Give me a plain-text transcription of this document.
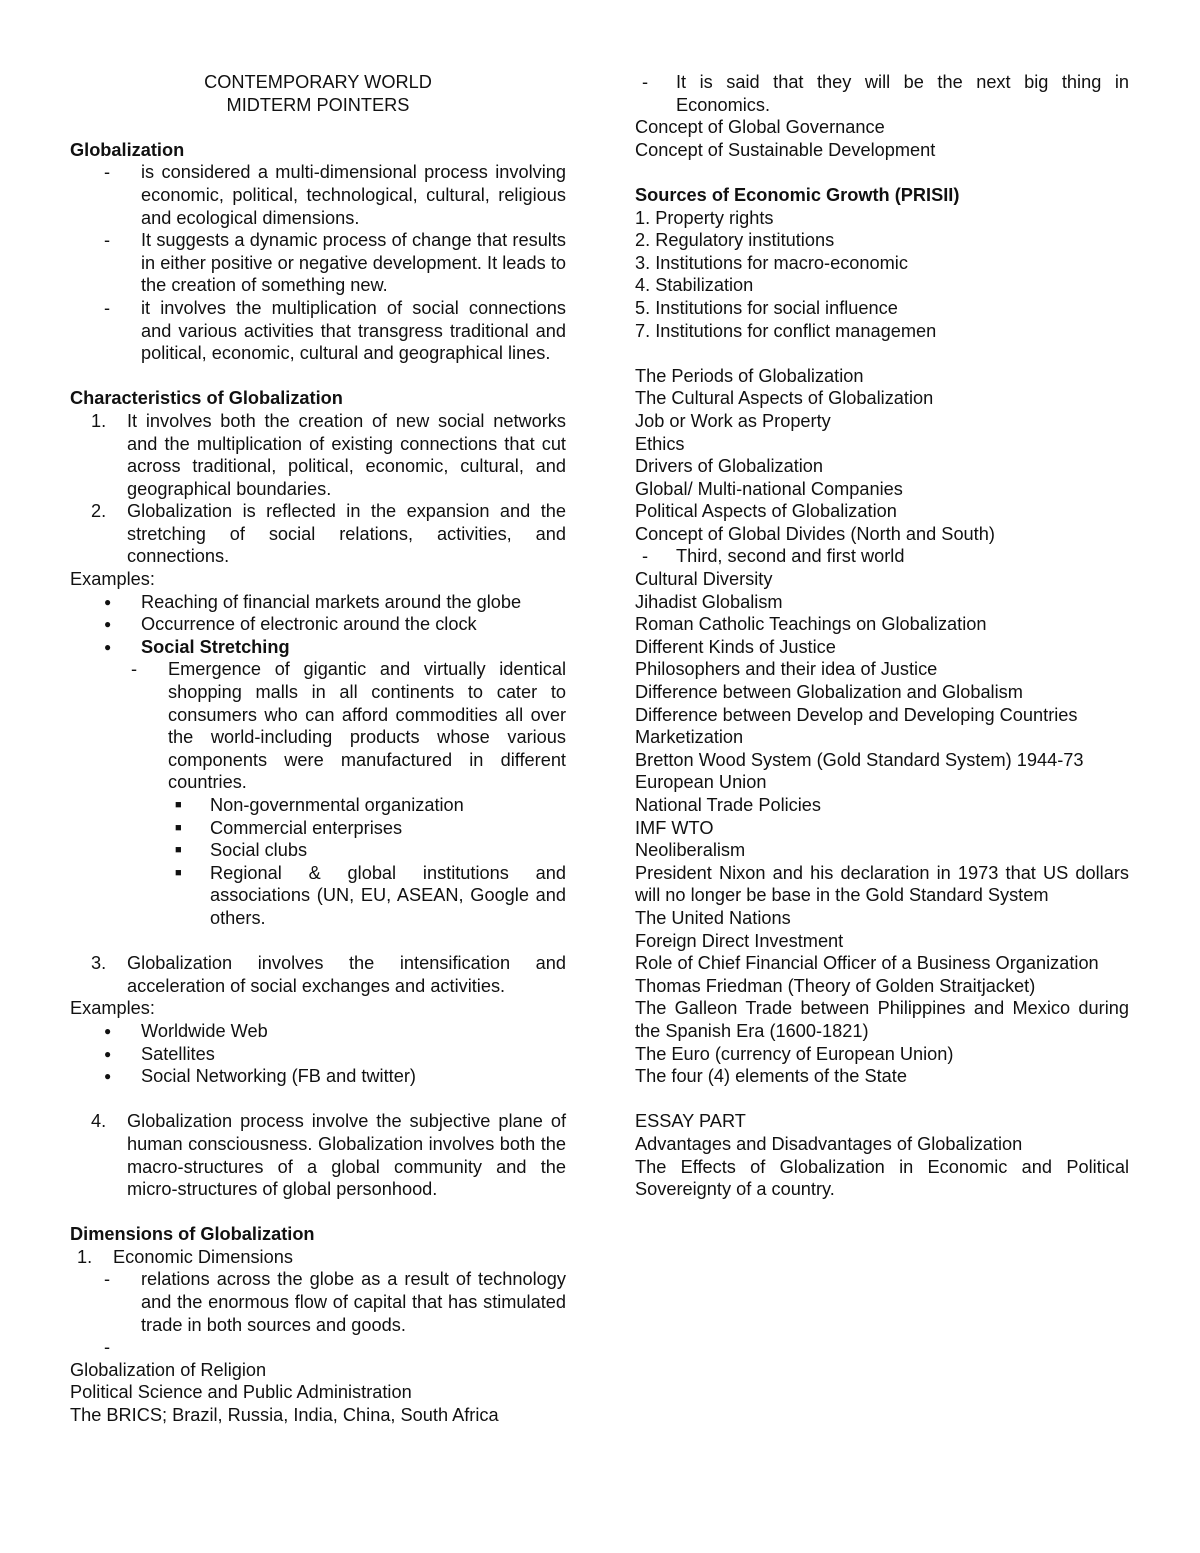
CONTEMPORARY WORLD
MIDTERM POINTERS
Globalization
- is considered a multi-dimensional process involving economic, political, technological, cultural, religious and ecological dimensions.
- It suggests a dynamic process of change that results in either positive or negative development. It leads to the creation of something new.
- it involves the multiplication of social connections and various activities that transgress traditional and political, economic, cultural and geographical lines.
Characteristics of Globalization
1. It involves both the creation of new social networks and the multiplication of existing connections that cut across traditional, political, economic, cultural, and geographical boundaries.
2. Globalization is reflected in the expansion and the stretching of social relations, activities, and connections.
Examples:
● Reaching of financial markets around the globe
● Occurrence of electronic around the clock
● Social Stretching
- Emergence of gigantic and virtually identical shopping malls in all continents to cater to consumers who can afford commodities all over the world-including products whose various components were manufactured in different countries.
■ Non-governmental organization
■ Commercial enterprises
■ Social clubs
■ Regional & global institutions and associations (UN, EU, ASEAN, Google and others.
3. Globalization involves the intensification and acceleration of social exchanges and activities.
Examples:
● Worldwide Web
● Satellites
● Social Networking (FB and twitter)
4. Globalization process involve the subjective plane of human consciousness. Globalization involves both the macro-structures of a global community and the micro-structures of global personhood.
Dimensions of Globalization
1. Economic Dimensions
- relations across the globe as a result of technology and the enormous flow of capital that has stimulated trade in both sources and goods.
-
Globalization of Religion
Political Science and Public Administration
The BRICS; Brazil, Russia, India, China, South Africa
- It is said that they will be the next big thing in Economics.
Concept of Global Governance
Concept of Sustainable Development
Sources of Economic Growth (PRISII)
1. Property rights
2. Regulatory institutions
3. Institutions for macro-economic
4. Stabilization
5. Institutions for social influence
7. Institutions for conflict managemen
The Periods of Globalization
The Cultural Aspects of Globalization
Job or Work as Property
Ethics
Drivers of Globalization
Global/ Multi-national Companies
Political Aspects of Globalization
Concept of Global Divides (North and South)
- Third, second and first world
Cultural Diversity
Jihadist Globalism
Roman Catholic Teachings on Globalization
Different Kinds of Justice
Philosophers and their idea of Justice
Difference between Globalization and Globalism
Difference between Develop and Developing Countries
Marketization
Bretton Wood System (Gold Standard System) 1944-73
European Union
National Trade Policies
IMF WTO
Neoliberalism
President Nixon and his declaration in 1973 that US dollars will no longer be base in the Gold Standard System
The United Nations
Foreign Direct Investment
Role of Chief Financial Officer of a Business Organization
Thomas Friedman (Theory of Golden Straitjacket)
The Galleon Trade between Philippines and Mexico during the Spanish Era (1600-1821)
The Euro (currency of European Union)
The four (4) elements of the State
ESSAY PART
Advantages and Disadvantages of Globalization
The Effects of Globalization in Economic and Political Sovereignty of a country.
